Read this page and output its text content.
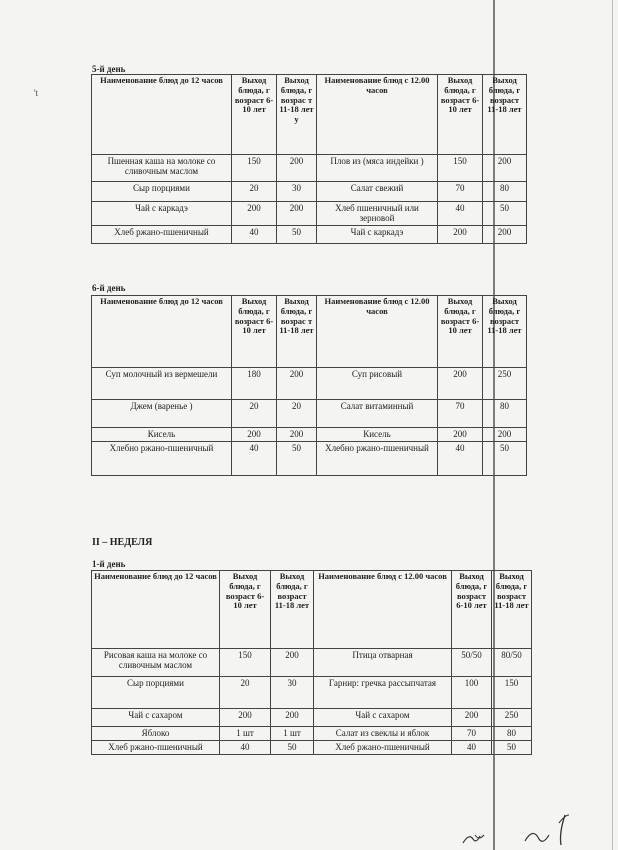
't
5-й день
Наименование блюд до 12 часов	Выход блюда, г возраст 6-10 лет	Выход блюда, г возрас т 11-18 лет у	Наименование блюд с 12.00 часов	Выход блюда, г возраст 6-10 лет	Выход блюда, г возраст 11-18 лет
Пшенная каша на молоке со сливочным маслом	150	200	Плов из (мяса индейки )	150	200
Сыр порциями	20	30	Салат свежий	70	80
Чай с каркадэ	200	200	Хлеб пшеничный или зерновой	40	50
Хлеб ржано-пшеничный	40	50	Чай с каркадэ	200	200
6-й день
Наименование блюд до 12 часов	Выход блюда, г возраст 6-10 лет	Выход блюда, г возрас т 11-18 лет	Наименование блюд с 12.00 часов	Выход блюда, г возраст 6-10 лет	Выход блюда, г возраст 11-18 лет
Суп молочный из вермешели	180	200	Суп рисовый	200	250
Джем (варенье )	20	20	Салат витаминный	70	80
Кисель	200	200	Кисель	200	200
Хлебно ржано-пшеничный	40	50	Хлебно ржано-пшеничный	40	50
II – НЕДЕЛЯ
1-й день
Наименование блюд до 12 часов	Выход блюда, г возраст 6-10 лет	Выход блюда, г возраст 11-18 лет	Наименование блюд с 12.00 часов	Выход блюда, г возраст 6-10 лет	Выход блюда, г возраст 11-18 лет
Рисовая каша на молоке со сливочным маслом	150	200	Птица отварная	50/50	80/50
Сыр порциями	20	30	Гарнир: гречка рассыпчатая	100	150
Чай с сахаром	200	200	Чай с сахаром	200	250
Яблоко	1 шт	1 шт	Салат из свеклы и яблок	70	80
Хлеб ржано-пшеничный	40	50	Хлеб ржано-пшеничный	40	50
